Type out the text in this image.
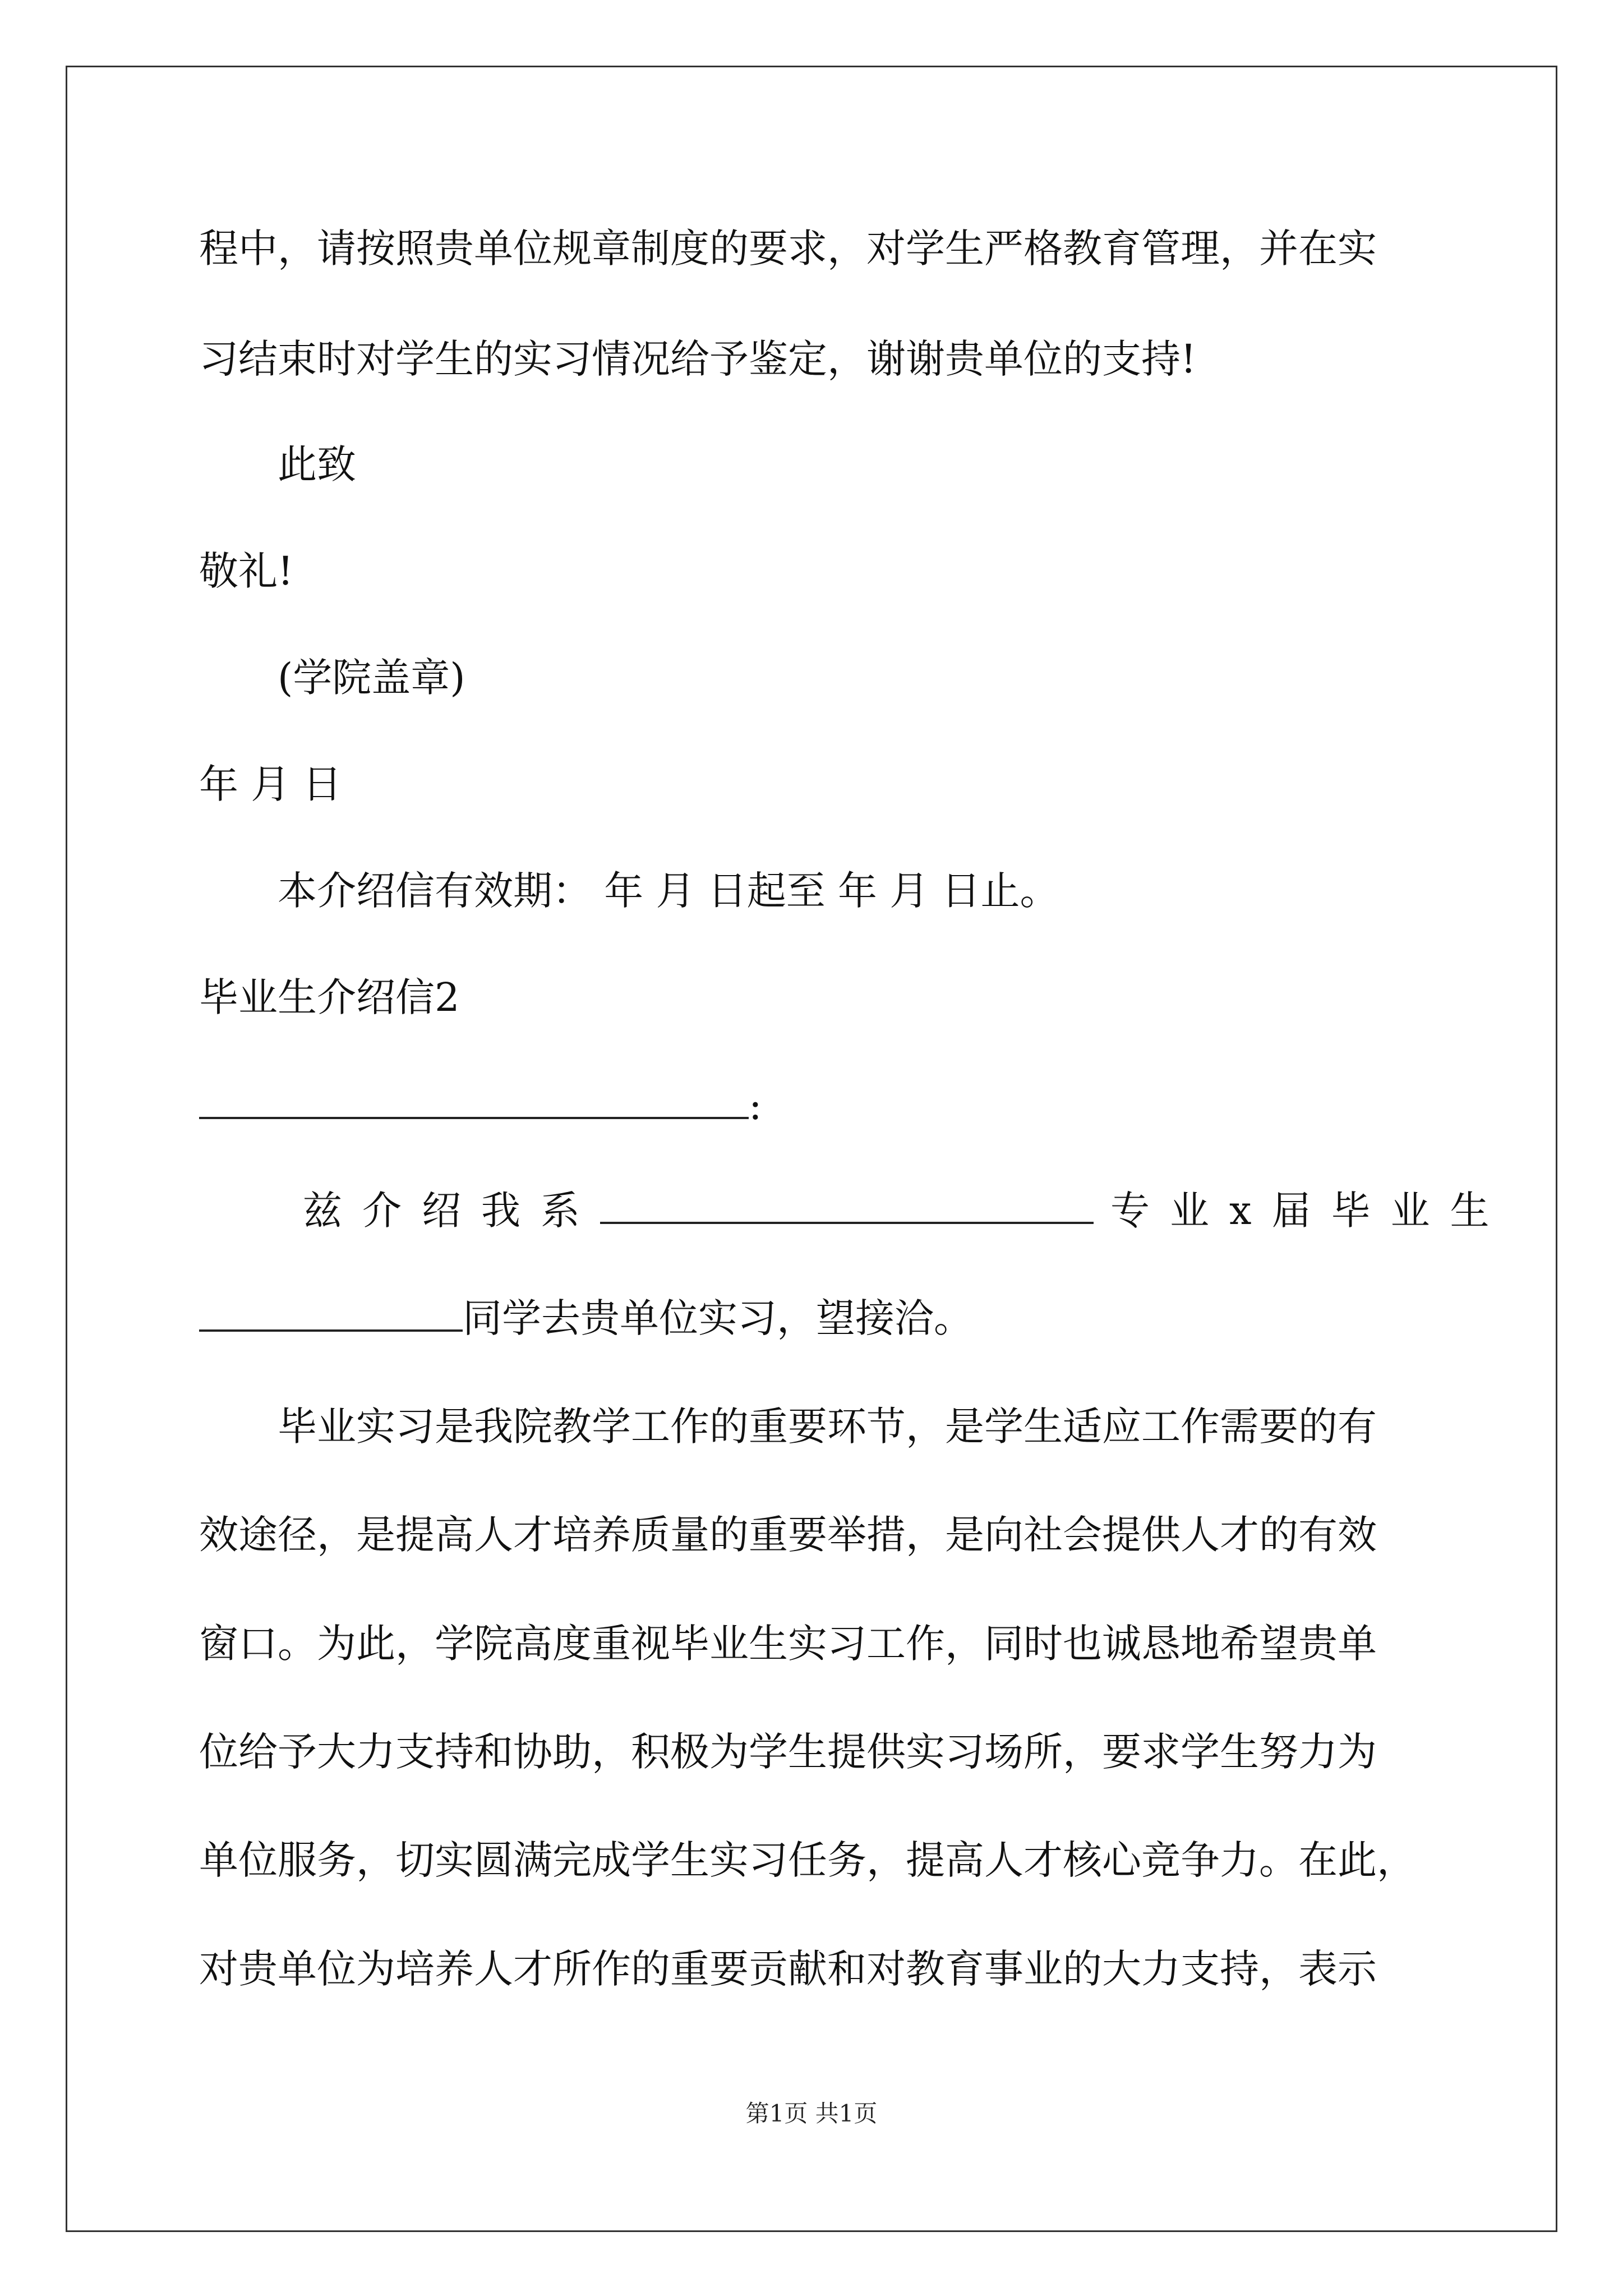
程中，请按照贵单位规章制度的要求，对学生严格教育管理，并在实
习结束时对学生的实习情况给予鉴定，谢谢贵单位的支持!
此致
敬礼!
(学院盖章)
年 月 日
本介绍信有效期： 年 月 日起至 年 月 日止。
毕业生介绍信2
:
兹介绍我系	专业x届毕业生
同学去贵单位实习，望接洽。
毕业实习是我院教学工作的重要环节，是学生适应工作需要的有
效途径，是提高人才培养质量的重要举措，是向社会提供人才的有效
窗口。为此，学院高度重视毕业生实习工作，同时也诚恳地希望贵单
位给予大力支持和协助，积极为学生提供实习场所，要求学生努力为
单位服务，切实圆满完成学生实习任务，提高人才核心竞争力。在此，
对贵单位为培养人才所作的重要贡献和对教育事业的大力支持，表示
第1页 共1页
